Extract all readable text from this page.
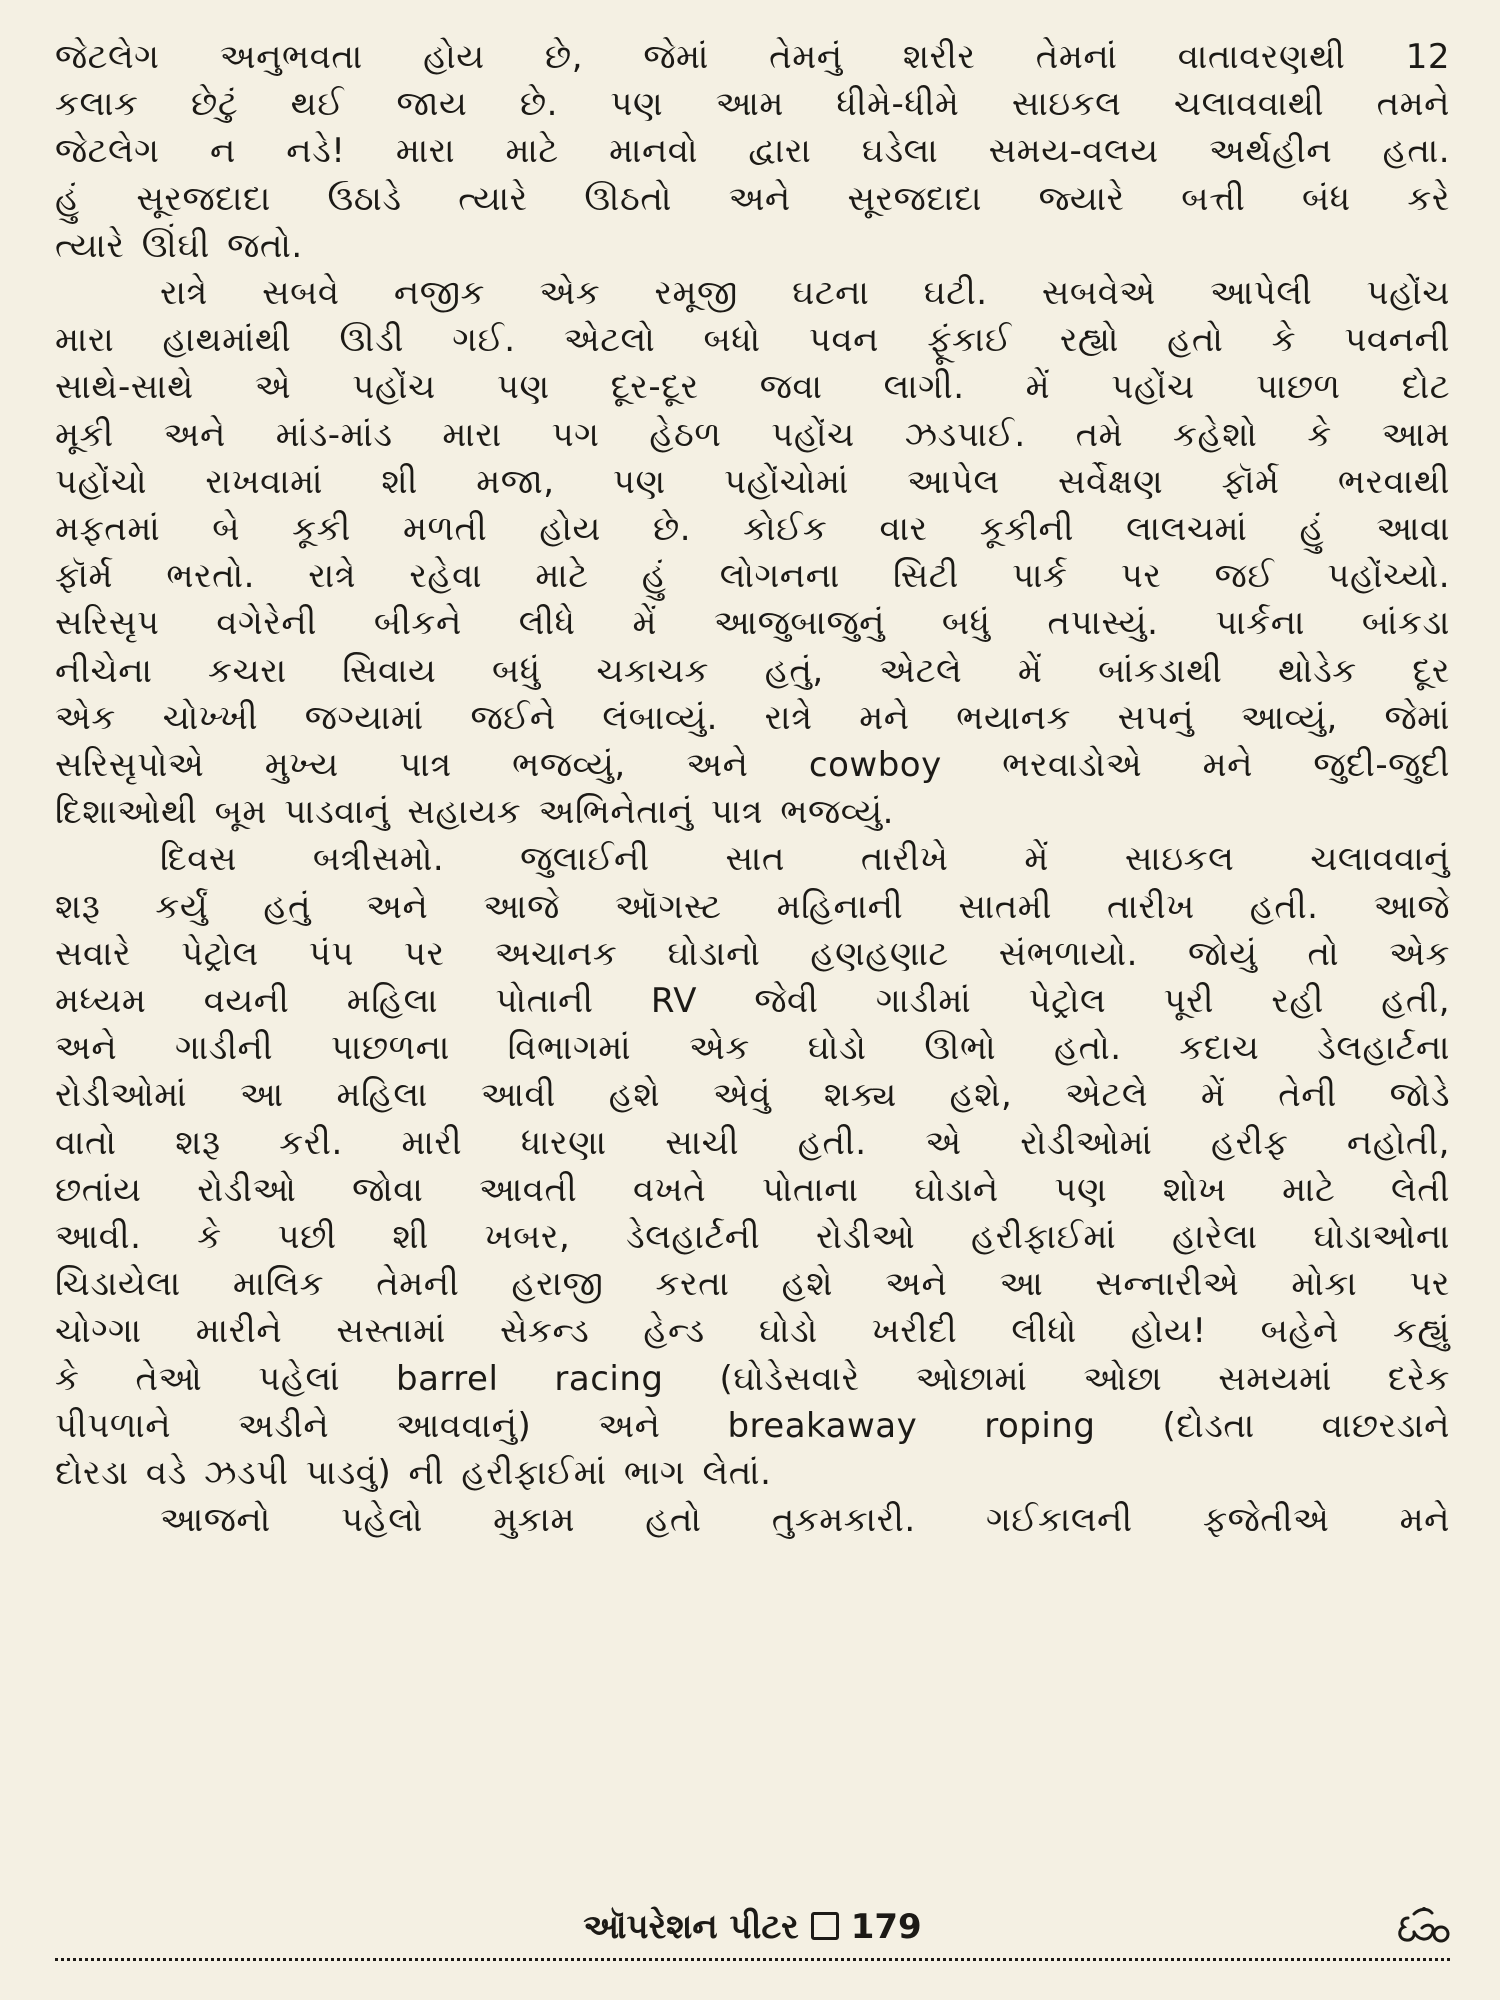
જેટલેગ અનુભવતા હોય છે, જેમાં તેમનું શરીર તેમનાં વાતાવરણથી 12

કલાક છેટું થઈ જાય છે. પણ આમ ધીમે-ધીમે સાઇકલ ચલાવવાથી તમને

જેટલેગ ન નડે! મારા માટે માનવો દ્વારા ઘડેલા સમય-વલય અર્થહીન હતા.

હું સૂરજદાદા ઉઠાડે ત્યારે ઊઠતો અને સૂરજદાદા જ્યારે બત્તી બંધ કરે

ત્યારે ઊંઘી જતો.

રાત્રે સબવે નજીક એક રમૂજી ઘટના ઘટી. સબવેએ આપેલી પહોંચ

મારા હાથમાંથી ઊડી ગઈ. એટલો બધો પવન ફૂંકાઈ રહ્યો હતો કે પવનની

સાથે-સાથે એ પહોંચ પણ દૂર-દૂર જવા લાગી. મેં પહોંચ પાછળ દોટ

મૂકી અને માંડ-માંડ મારા પગ હેઠળ પહોંચ ઝડપાઈ. તમે કહેશો કે આમ

પહોંચો રાખવામાં શી મજા, પણ પહોંચોમાં આપેલ સર્વેક્ષણ ફૉર્મ ભરવાથી

મફતમાં બે કૂકી મળતી હોય છે. કોઈક વાર કૂકીની લાલચમાં હું આવા

ફૉર્મ ભરતો. રાત્રે રહેવા માટે હું લોગનના સિટી પાર્ક પર જઈ પહોંચ્યો.

સરિસૃપ વગેરેની બીકને લીધે મેં આજુબાજુનું બધું તપાસ્યું. પાર્કના બાંકડા

નીચેના કચરા સિવાય બધું ચકાચક હતું, એટલે મેં બાંકડાથી થોડેક દૂર

એક ચોખ્ખી જગ્યામાં જઈને લંબાવ્યું. રાત્રે મને ભયાનક સપનું આવ્યું, જેમાં

સરિસૃપોએ મુખ્ય પાત્ર ભજવ્યું, અને cowboy ભરવાડોએ મને જુદી-જુદી

દિશાઓથી બૂમ પાડવાનું સહાયક અભિનેતાનું પાત્ર ભજવ્યું.

દિવસ બત્રીસમો. જુલાઈની સાત તારીખે મેં સાઇકલ ચલાવવાનું

શરૂ કર્યું હતું અને આજે ઑગસ્ટ મહિનાની સાતમી તારીખ હતી. આજે

સવારે પેટ્રોલ પંપ પર અચાનક ઘોડાનો હણહણાટ સંભળાયો. જોયું તો એક

મધ્યમ વયની મહિલા પોતાની RV જેવી ગાડીમાં પેટ્રોલ પૂરી રહી હતી,

અને ગાડીની પાછળના વિભાગમાં એક ઘોડો ઊભો હતો. કદાચ ડેલહાર્ટના

રોડીઓમાં આ મહિલા આવી હશે એવું શક્ય હશે, એટલે મેં તેની જોડે

વાતો શરૂ કરી. મારી ધારણા સાચી હતી. એ રોડીઓમાં હરીફ નહોતી,

છતાંય રોડીઓ જોવા આવતી વખતે પોતાના ઘોડાને પણ શોખ માટે લેતી

આવી. કે પછી શી ખબર, ડેલહાર્ટની રોડીઓ હરીફાઈમાં હારેલા ઘોડાઓના

ચિડાયેલા માલિક તેમની હરાજી કરતા હશે અને આ સન્નારીએ મોકા પર

ચોગ્ગા મારીને સસ્તામાં સેકન્ડ હેન્ડ ઘોડો ખરીદી લીધો હોય! બહેને કહ્યું

કે તેઓ પહેલાં barrel racing (ઘોડેસવારે ઓછામાં ઓછા સમયમાં દરેક

પીપળાને અડીને આવવાનું) અને breakaway roping (દોડતા વાછરડાને

દોરડા વડે ઝડપી પાડવું) ની હરીફાઈમાં ભાગ લેતાં.

આજનો પહેલો મુકામ હતો તુકમકારી. ગઈકાલની ફજેતીએ મને

ઑપરેશન પીટર 179
